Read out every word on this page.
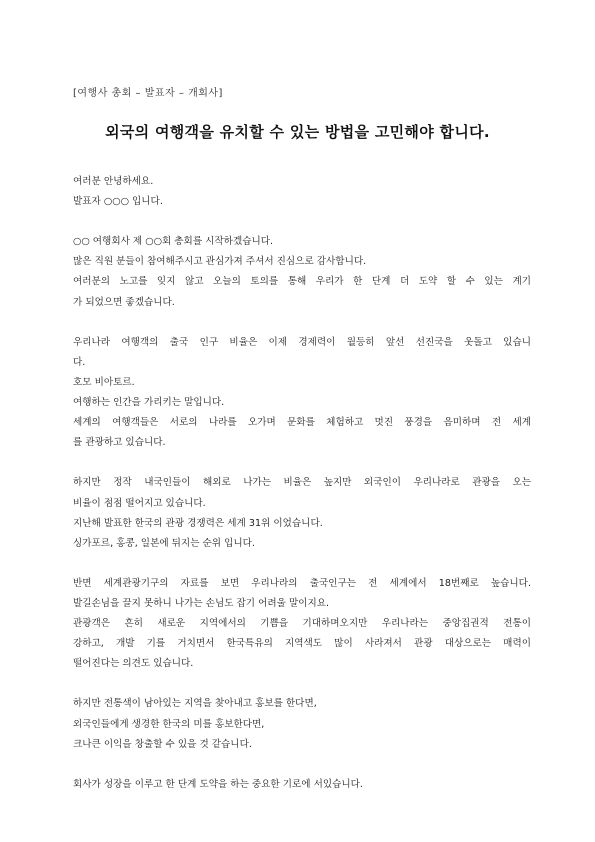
[여행사 총회 – 발표자 – 개회사]
외국의 여행객을 유치할 수 있는 방법을 고민해야 합니다.
여러분 안녕하세요.
발표자 ○○○ 입니다.
○○ 여행회사 제 ○○회 총회를 시작하겠습니다.
많은 직원 분들이 참여해주시고 관심가져 주셔서 진심으로 감사합니다.
여러분의 노고를 잊지 않고 오늘의 토의를 통해 우리가 한 단계 더 도약 할 수 있는 계기
가 되었으면 좋겠습니다.
우리나라 여행객의 출국 인구 비율은 이제 경제력이 월등히 앞선 선진국을 웃돌고 있습니
다.
호모 비아토르.
여행하는 인간을 가리키는 말입니다.
세계의 여행객들은 서로의 나라를 오가며 문화를 체험하고 멋진 풍경을 음미하며 전 세계
를 관광하고 있습니다.
하지만 정작 내국인들이 해외로 나가는 비율은 높지만 외국인이 우리나라로 관광을 오는
비율이 점점 떨어지고 있습니다.
지난해 발표한 한국의 관광 경쟁력은 세계 31위 이었습니다.
싱가포르, 홍콩, 일본에 뒤지는 순위 입니다.
반면 세계관광기구의 자료를 보면 우리나라의 출국인구는 전 세계에서 18번째로 높습니다.
발길손님을 끌지 못하니 나가는 손님도 잡기 어려울 말이지요.
관광객은 흔히 새로운 지역에서의 기쁨을 기대하며오지만 우리나라는 중앙집권적 전통이
강하고, 개발 기를 거치면서 한국특유의 지역색도 많이 사라져서 관광 대상으로는 매력이
떨어진다는 의견도 있습니다.
하지만 전통색이 남아있는 지역을 찾아내고 홍보를 한다면,
외국인들에게 생경한 한국의 미를 홍보한다면,
크나큰 이익을 창출할 수 있을 것 같습니다.
회사가 성장을 이루고 한 단계 도약을 하는 중요한 기로에 서있습니다.
